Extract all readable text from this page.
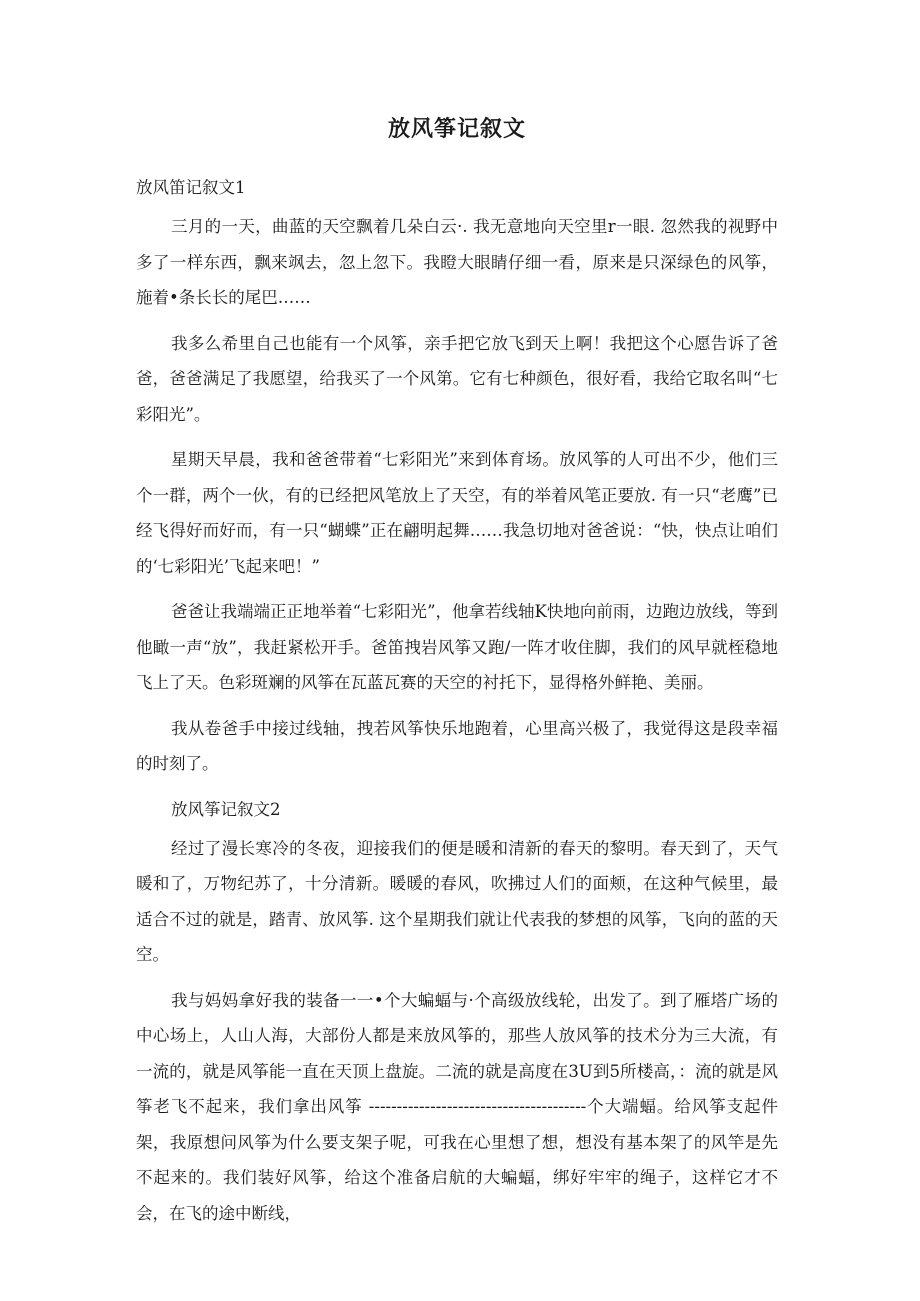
放风筝记叙文

放风笛记叙文1

三月的一天，曲蓝的天空飘着几朵白云·. 我无意地向天空里r一眼. 忽然我的视野中多了一样东西，飘来飒去，忽上忽下。我瞪大眼睛仔细一看，原来是只深绿色的风筝，施着•条长长的尾巴……

我多么希里自己也能有一个风筝，亲手把它放飞到天上啊！我把这个心愿告诉了爸爸，爸爸满足了我愿望，给我买了一个风第。它有七种颜色，很好看，我给它取名叫“七彩阳光”。

星期天早晨，我和爸爸带着“七彩阳光”来到体育场。放风筝的人可出不少，他们三个一群，两个一伙，有的已经把风笔放上了天空，有的举着风笔正要放. 有一只“老鹰”已经飞得好而好而，有一只“蝴蝶”正在翩明起舞……我急切地对爸爸说：“快，快点让咱们的‘七彩阳光’飞起来吧！”

爸爸让我端端正正地举着“七彩阳光”，他拿若线轴K快地向前雨，边跑边放线，等到他瞰一声“放”，我赶紧松开手。爸笛拽岩风筝又跑/一阵才收住脚，我们的风早就桎稳地飞上了天。色彩斑斓的风筝在瓦蓝瓦赛的天空的衬托下，显得格外鲜艳、美丽。

我从卷爸手中接过线轴，拽若风筝快乐地跑着，心里高兴极了，我觉得这是段幸福的时刻了。

放风筝记叙文2

经过了漫长寒冷的冬夜，迎接我们的便是暖和清新的春天的黎明。春天到了，天气暖和了，万物纪苏了，十分清新。暖暖的春风，吹拂过人们的面颊，在这种气候里，最适合不过的就是，踏青、放风筝. 这个星期我们就让代表我的梦想的风筝，飞向的蓝的天空。

我与妈妈拿好我的装备一一•个大蝙蝠与·个高级放线轮，出发了。到了雁塔广场的中心场上，人山人海，大部份人都是来放风筝的，那些人放风筝的技术分为三大流，有一流的，就是风筝能一直在天顶上盘旋。二流的就是高度在3U到5所楼高，：流的就是风筝老飞不起来，我们拿出风筝 ---------------------------------------个大端蝠。给风筝支起件架，我原想问风筝为什么要支架子呢，可我在心里想了想，想没有基本架了的风竿是先不起来的。我们装好风筝，给这个准备启航的大蝙蝠，绑好牢牢的绳子，这样它才不会，在飞的途中断线，
